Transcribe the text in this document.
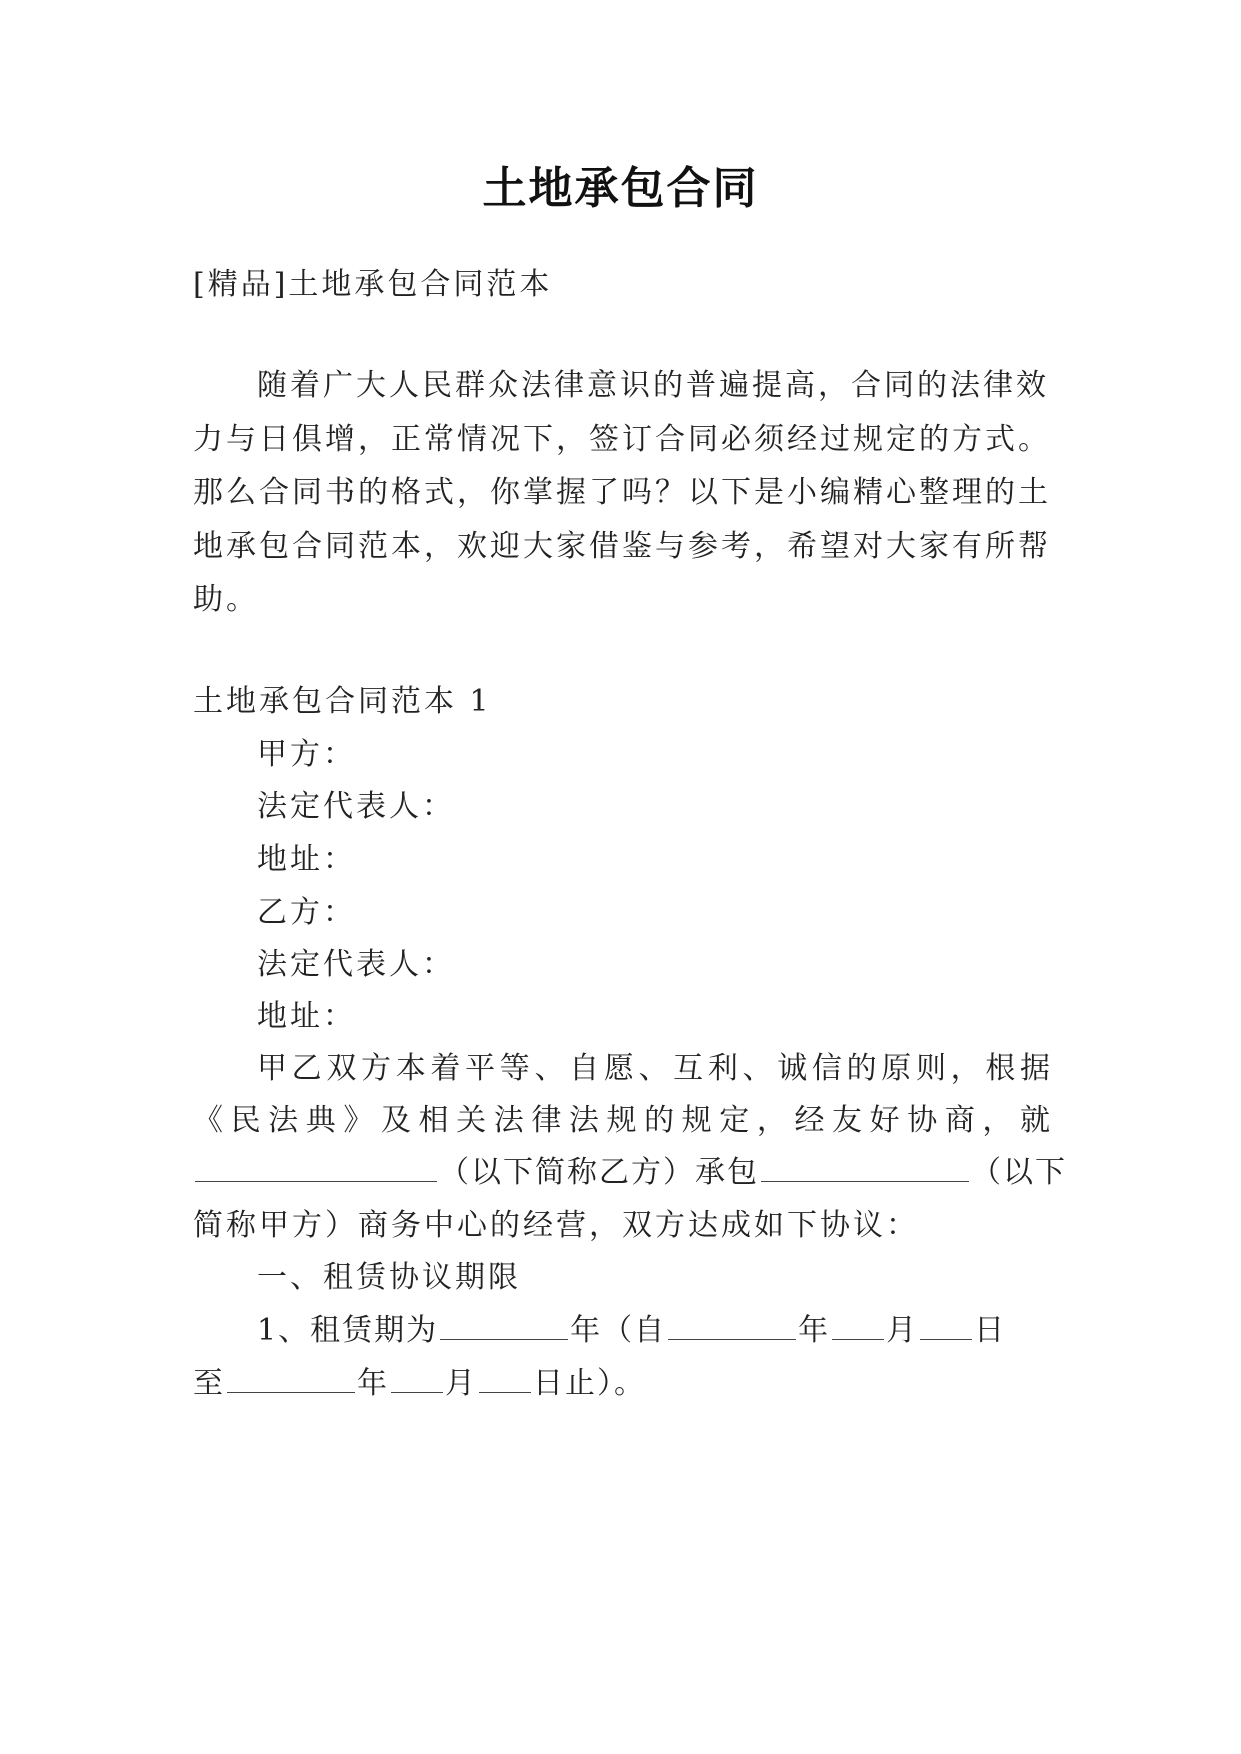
土地承包合同
[精品]土地承包合同范本
随着广大人民群众法律意识的普遍提高，合同的法律效
力与日俱增，正常情况下，签订合同必须经过规定的方式。
那么合同书的格式，你掌握了吗？以下是小编精心整理的土
地承包合同范本，欢迎大家借鉴与参考，希望对大家有所帮
助。
土地承包合同范本 1
甲方：
法定代表人：
地址：
乙方：
法定代表人：
地址：
甲乙双方本着平等、自愿、互利、诚信的原则，根据
《民法典》及相关法律法规的规定，经友好协商，就
（以下简称乙方）承包	（以下
简称甲方）商务中心的经营，双方达成如下协议：
一、租赁协议期限
1、租赁期为	年（自	年 月 日
至	年 月 日止）。
